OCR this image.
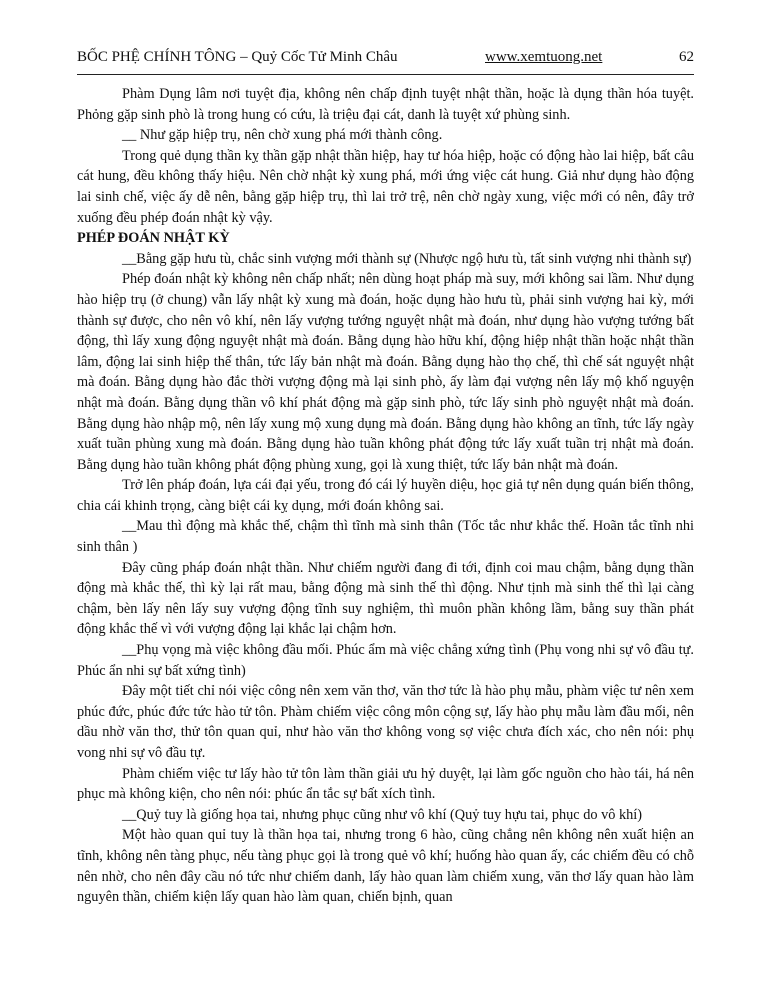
BỐC PHỆ CHÍNH TÔNG – Quỷ Cốc Tử Minh Châu	www.xemtuong.net	62

Phàm Dụng lâm nơi tuyệt địa, không nên chấp định tuyệt nhật thần, hoặc là dụng thần hóa tuyệt. Phỏng gặp sinh phò là trong hung có cứu, là triệu đại cát, danh là tuyệt xứ phùng sinh.

__ Như gặp hiệp trụ, nên chờ xung phá mới thành công.

Trong quẻ dụng thần kỵ thần gặp nhật thần hiệp, hay tư hóa hiệp, hoặc có động hào lai hiệp, bất câu cát hung, đều không thấy hiệu. Nên chờ nhật kỳ xung phá, mới ứng việc cát hung. Giả như dụng hào động lai sinh chế, việc ấy dễ nên, bằng gặp hiệp trụ, thì lai trở trệ, nên chờ ngày xung, việc mới có nên, đây trở xuống đều phép đoán nhật kỳ vậy.

PHÉP ĐOÁN NHẬT KỲ

__Bằng gặp hưu tù, chắc sinh vượng mới thành sự (Nhược ngộ hưu tù, tất sinh vượng nhi thành sự)

Phép đoán nhật kỳ không nên chấp nhất; nên dùng hoạt pháp mà suy, mới không sai lầm. Như dụng hào hiệp trụ (ở chung) vẫn lấy nhật kỳ xung mà đoán, hoặc dụng hào hưu tù, phải sinh vượng hai kỳ, mới thành sự được, cho nên vô khí, nên lấy vượng tướng nguyệt nhật mà đoán, như dụng hào vượng tướng bất động, thì lấy xung động nguyệt nhật mà đoán. Bằng dụng hào hữu khí, động hiệp nhật thần hoặc nhật thần lâm, động lai sinh hiệp thế thân, tức lấy bản nhật mà đoán. Bằng dụng hào thọ chế, thì chế sát nguyệt nhật mà đoán. Bằng dụng hào đắc thời vượng động mà lại sinh phò, ấy làm đại vượng nên lấy mộ khố nguyện nhật mà đoán. Bằng dụng thần vô khí phát động mà gặp sinh phò, tức lấy sinh phò nguyệt nhật mà đoán. Bằng dụng hào nhập mộ, nên lấy xung mộ xung dụng mà đoán. Bằng dụng hào không an tĩnh, tức lấy ngày xuất tuần phùng xung mà đoán. Bằng dụng hào tuần không phát động tức lấy xuất tuần trị nhật mà đoán. Bằng dụng hào tuần không phát động phùng xung, gọi là xung thiệt, tức lấy bản nhật mà đoán.

Trở lên pháp đoán, lựa cái đại yếu, trong đó cái lý huyền diệu, học giả tự nên dụng quán biến thông, chia cái khinh trọng, càng biệt cái kỵ dụng, mới đoán không sai.

__Mau thì động mà khắc thế, chậm thì tĩnh mà sinh thân (Tốc tắc như khắc thế. Hoãn tắc tĩnh nhi sinh thân )

Đây cũng pháp đoán nhật thần. Như chiếm người đang đi tới, định coi mau chậm, bằng dụng thần động mà khắc thế, thì kỳ lại rất mau, bằng động mà sinh thế thì động. Như tịnh mà sinh thế thì lại càng chậm, bèn lấy nên lấy suy vượng động tĩnh suy nghiệm, thì muôn phần không lầm, bằng suy thần phát động khắc thế vì với vượng động lại khắc lại chậm hơn.

__Phụ vọng mà việc không đầu mối. Phúc ẩm mà việc chẳng xứng tình (Phụ vong nhi sự vô đầu tự. Phúc ẩn nhi sự bất xứng tình)

Đây một tiết chỉ nói việc công nên xem văn thơ, văn thơ tức là hào phụ mẫu, phàm việc tư nên xem phúc đức, phúc đức tức hào tử tôn. Phàm chiếm việc công môn cộng sự, lấy hào phụ mẫu làm đầu mối, nên dầu nhờ văn thơ, thử tôn quan quỉ, như hào văn thơ không vong sợ việc chưa đích xác, cho nên nói: phụ vong nhi sự vô đầu tự.

Phàm chiếm việc tư lấy hào tử tôn làm thần giải ưu hỷ duyệt, lại làm gốc nguồn cho hào tái, há nên phục mà không kiện, cho nên nói: phúc ẩn tắc sự bất xích tình.

__Quỷ tuy là giống họa tai, nhưng phục cũng như vô khí (Quỷ tuy hựu tai, phục do vô khí)

Một hào quan quỉ tuy là thần họa tai, nhưng trong 6 hào, cũng chẳng nên không nên xuất hiện an tĩnh, không nên tàng phục, nếu tàng phục gọi là trong quẻ vô khí; huống hào quan ấy, các chiếm đều có chỗ nên nhờ, cho nên đây cầu nó tức như chiếm danh, lấy hào quan làm chiếm xung, văn thơ lấy quan hào làm nguyên thần, chiếm kiện lấy quan hào làm quan, chiến bịnh, quan
